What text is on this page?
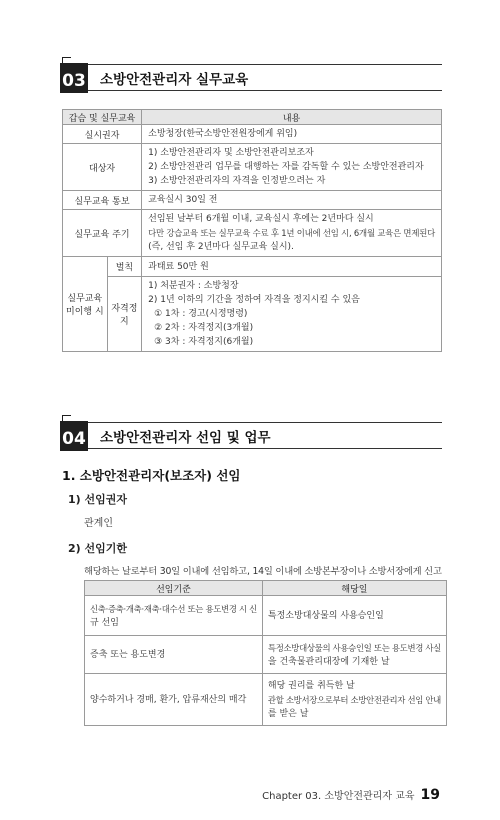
03 소방안전관리자 실무교육
갑슴 및 실무교육		내용
실시권자		소방청장(한국소방안전원장에게 위임)

대상자		1) 소방안전관리자 및 소방안전관리보조자
2) 소방안전관리 업무를 대행하는 자를 감독할 수 있는 소방안전관리자
3) 소방안전관리자의 자격을 인정받으려는 자

실무교육 통보		교육실시 30일 전

실무교육 주기		선임된 날부터 6개월 이내, 교육실시 후에는 2년마다 실시
다만 강습교육 또는 실무교육 수료 후 1년 이내에 선임 시, 6개월 교육은 면제된다
(즉, 선임 후 2년마다 실무교육 실시).

실무교육
미이행 시	벌칙	과태료 50만 원
	자격정지	1) 처분권자 : 소방청장
2) 1년 이하의 기간을 정하여 자격을 정지시킬 수 있음
① 1차 : 경고(시정명령)
② 2차 : 자격정지(3개월)
③ 3차 : 자격정지(6개월)
04 소방안전관리자 선임 및 업무
1. 소방안전관리자(보조자) 선임
1) 선임권자
관계인
2) 선임기한
해당하는 날로부터 30일 이내에 선임하고, 14일 이내에 소방본부장이나 소방서장에게 신고
선임기준	해당일

신축·증축·개축·재축·대수선 또는 용도변경 시 신
규 선임	특정소방대상물의 사용승인일

증축 또는 용도변경	특정소방대상물의 사용승인일 또는 용도변경 사실
을 건축물관리대장에 기재한 날

양수하거나 경매, 환가, 압류재산의 매각	해당 권리를 취득한 날
관할 소방서장으로부터 소방안전관리자 선임 안내
를 받은 날
Chapter 03. 소방안전관리자 교육 19
